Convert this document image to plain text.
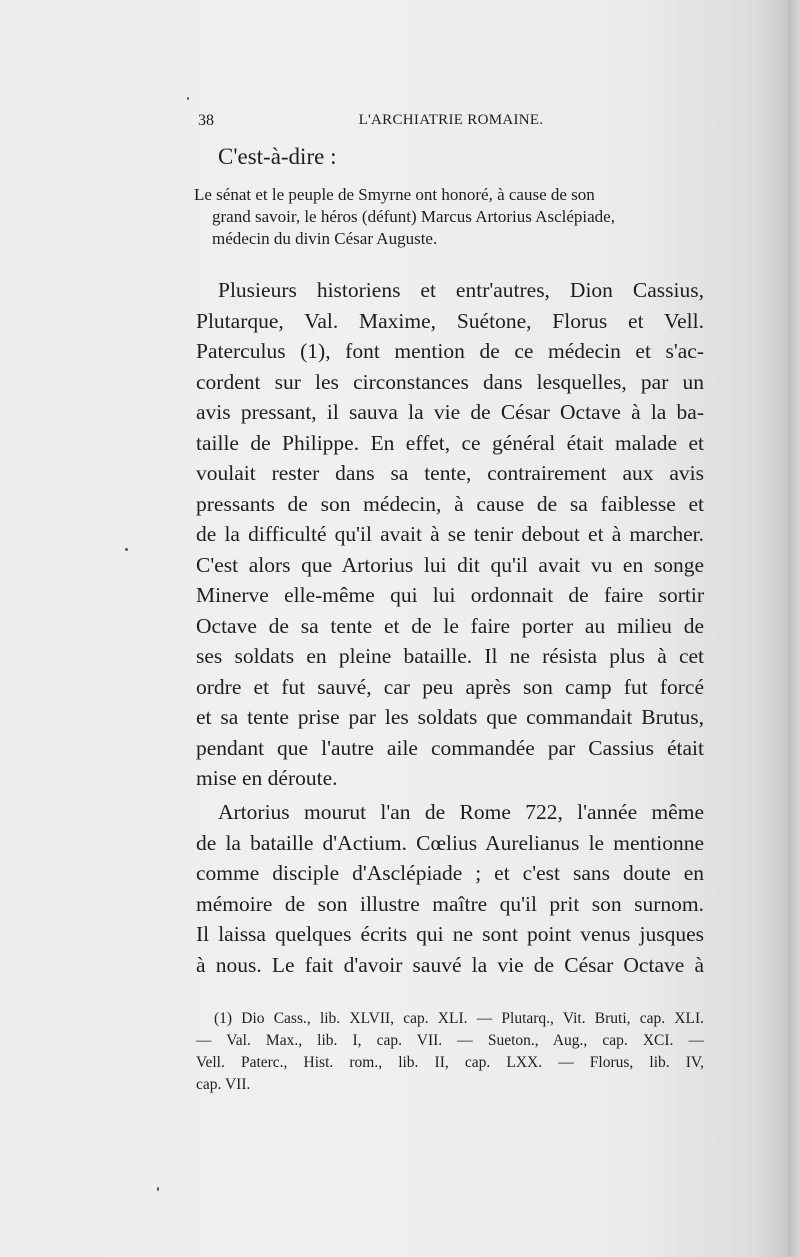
38	L'ARCHIATRIE ROMAINE.
C'est-à-dire :
Le sénat et le peuple de Smyrne ont honoré, à cause de son
grand savoir, le héros (défunt) Marcus Artorius Asclépiade,
médecin du divin César Auguste.
Plusieurs historiens et entr'autres, Dion Cassius,
Plutarque, Val. Maxime, Suétone, Florus et Vell.
Paterculus (1), font mention de ce médecin et s'ac-
cordent sur les circonstances dans lesquelles, par un
avis pressant, il sauva la vie de César Octave à la ba-
taille de Philippe. En effet, ce général était malade et
voulait rester dans sa tente, contrairement aux avis
pressants de son médecin, à cause de sa faiblesse et
de la difficulté qu'il avait à se tenir debout et à marcher.
C'est alors que Artorius lui dit qu'il avait vu en songe
Minerve elle-même qui lui ordonnait de faire sortir
Octave de sa tente et de le faire porter au milieu de
ses soldats en pleine bataille. Il ne résista plus à cet
ordre et fut sauvé, car peu après son camp fut forcé
et sa tente prise par les soldats que commandait Brutus,
pendant que l'autre aile commandée par Cassius était
mise en déroute.
Artorius mourut l'an de Rome 722, l'année même
de la bataille d'Actium. Cœlius Aurelianus le mentionne
comme disciple d'Asclépiade ; et c'est sans doute en
mémoire de son illustre maître qu'il prit son surnom.
Il laissa quelques écrits qui ne sont point venus jusques
à nous. Le fait d'avoir sauvé la vie de César Octave à
(1) Dio Cass., lib. XLVII, cap. XLI. — Plutarq., Vit. Bruti, cap. XLI.
— Val. Max., lib. I, cap. VII. — Sueton., Aug., cap. XCI. —
Vell. Paterc., Hist. rom., lib. II, cap. LXX. — Florus, lib. IV,
cap. VII.
